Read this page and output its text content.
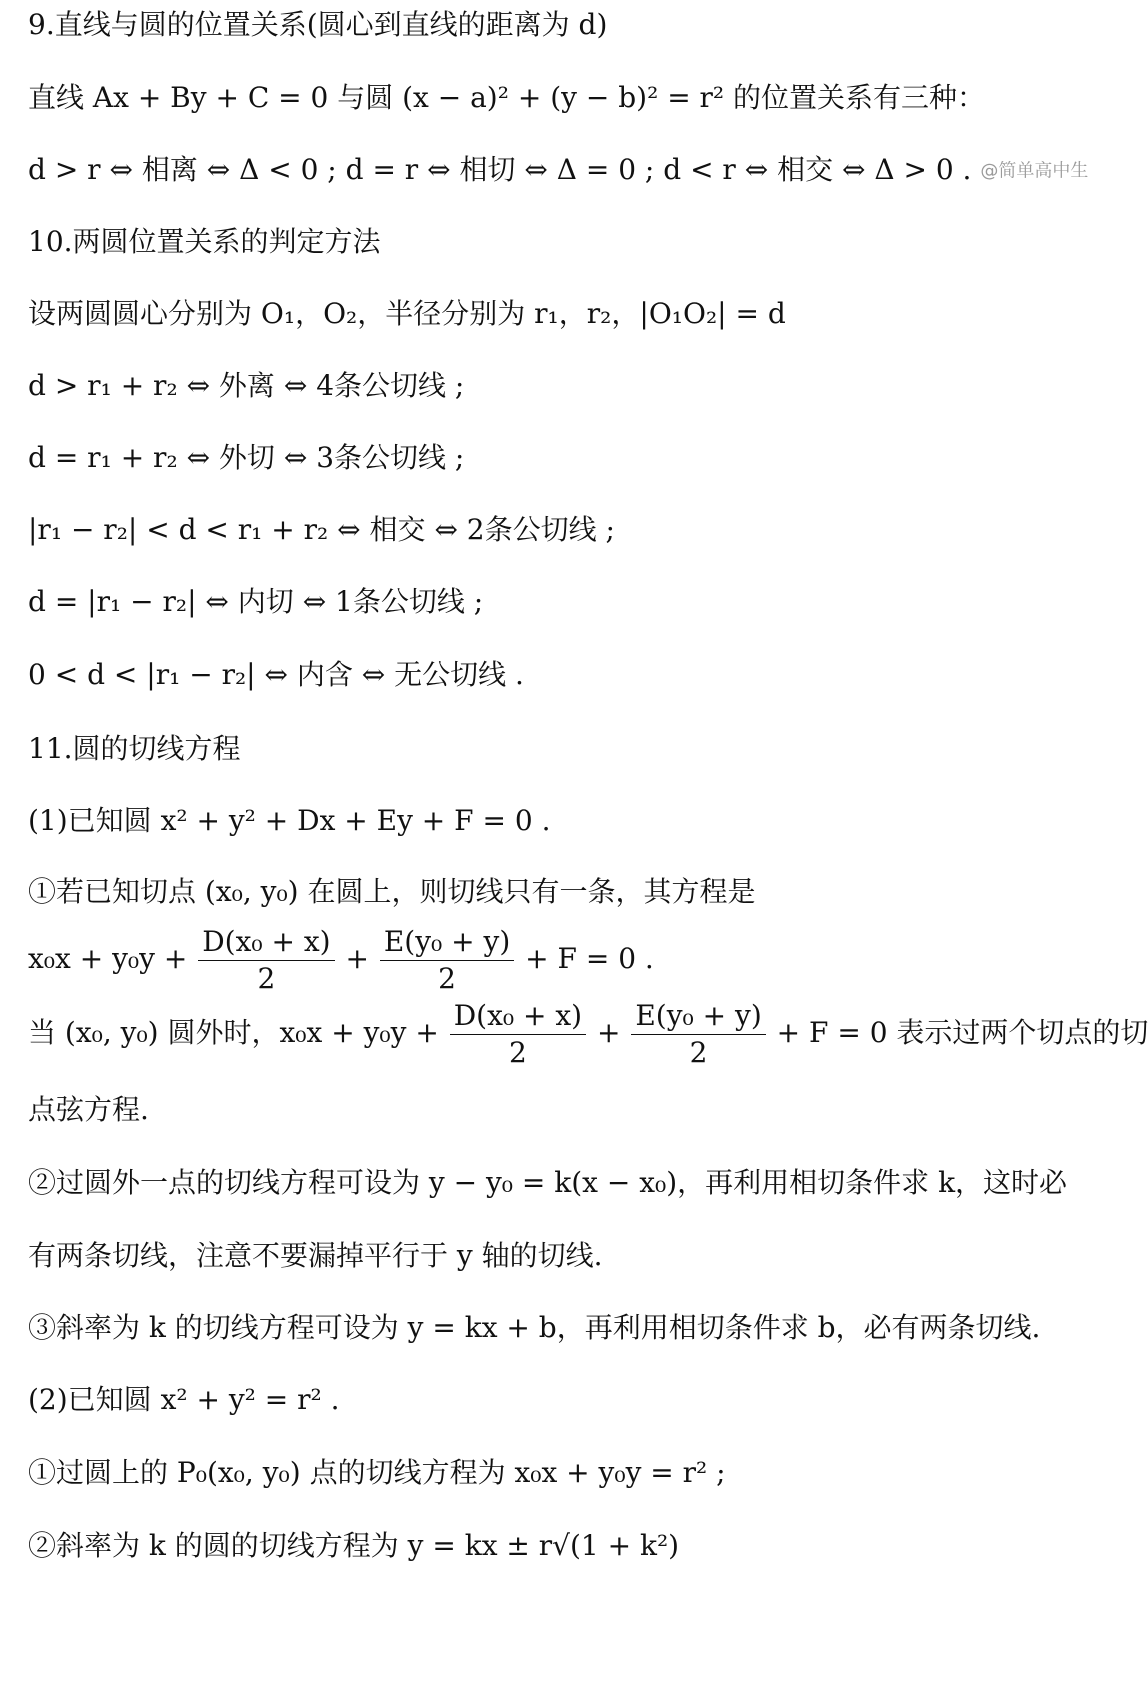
9.直线与圆的位置关系(圆心到直线的距离为 d)
直线 Ax + By + C = 0 与圆 (x − a)² + (y − b)² = r² 的位置关系有三种：
d > r ⇔ 相离 ⇔ Δ < 0 ; d = r ⇔ 相切 ⇔ Δ = 0 ; d < r ⇔ 相交 ⇔ Δ > 0 . @简单高中生
10.两圆位置关系的判定方法
设两圆圆心分别为 O₁，O₂，半径分别为 r₁，r₂，|O₁O₂| = d
d > r₁ + r₂ ⇔ 外离 ⇔ 4条公切线 ;
d = r₁ + r₂ ⇔ 外切 ⇔ 3条公切线 ;
|r₁ − r₂| < d < r₁ + r₂ ⇔ 相交 ⇔ 2条公切线 ;
d = |r₁ − r₂| ⇔ 内切 ⇔ 1条公切线 ;
0 < d < |r₁ − r₂| ⇔ 内含 ⇔ 无公切线 .
11.圆的切线方程
(1)已知圆 x² + y² + Dx + Ey + F = 0 .
①若已知切点 (x₀, y₀) 在圆上，则切线只有一条，其方程是
$x_0x + y_0y + \frac{\text{D(x₀ + x)}}{2} + \frac{\text{E(y₀ + y)}}{2} + F = 0$ .
当 (x₀, y₀) 圆外时，$x_0x + y_0y + \frac{\text{D(x₀ + x)}}{2} + \frac{\text{E(y₀ + y)}}{2} + F = 0$ 表示过两个切点的切
点弦方程.
②过圆外一点的切线方程可设为 y − y₀ = k(x − x₀)，再利用相切条件求 k，这时必
有两条切线，注意不要漏掉平行于 y 轴的切线.
③斜率为 k 的切线方程可设为 y = kx + b，再利用相切条件求 b，必有两条切线.
(2)已知圆 x² + y² = r² .
①过圆上的 P₀(x₀, y₀) 点的切线方程为 x₀x + y₀y = r² ;
②斜率为 k 的圆的切线方程为 y = kx ± r√(1 + k²)
